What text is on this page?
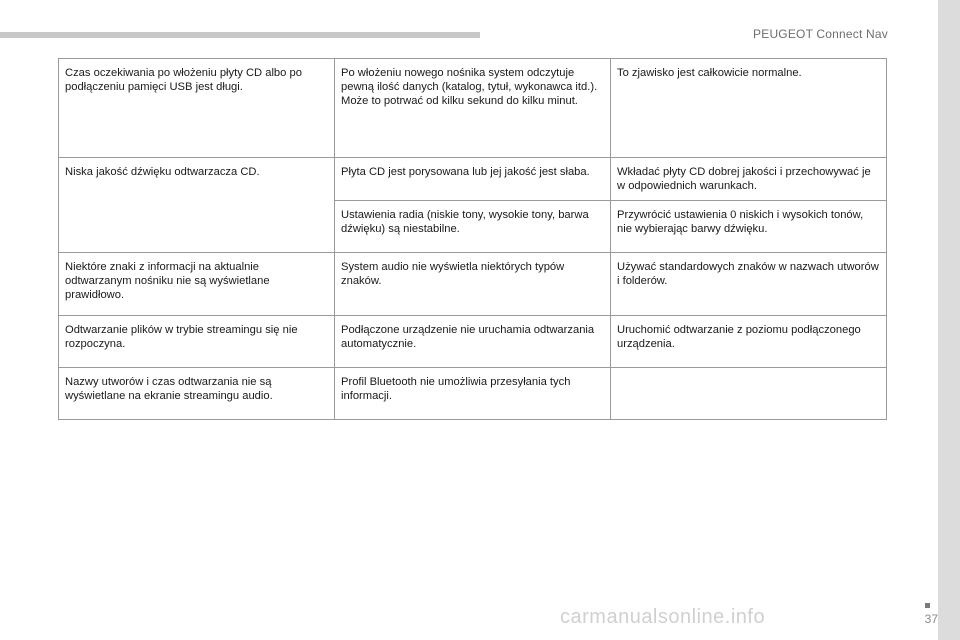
PEUGEOT Connect Nav
Czas oczekiwania po włożeniu płyty CD albo po podłączeniu pamięci USB jest długi.	Po włożeniu nowego nośnika system odczytuje pewną ilość danych (katalog, tytuł, wykonawca itd.). Może to potrwać od kilku sekund do kilku minut.	To zjawisko jest całkowicie normalne.
Niska jakość dźwięku odtwarzacza CD.	Płyta CD jest porysowana lub jej jakość jest słaba.	Wkładać płyty CD dobrej jakości i przechowywać je w odpowiednich warunkach.
	Ustawienia radia (niskie tony, wysokie tony, barwa dźwięku) są niestabilne.	Przywrócić ustawienia 0 niskich i wysokich tonów, nie wybierając barwy dźwięku.
Niektóre znaki z informacji na aktualnie odtwarzanym nośniku nie są wyświetlane prawidłowo.	System audio nie wyświetla niektórych typów znaków.	Używać standardowych znaków w nazwach utworów i folderów.
Odtwarzanie plików w trybie streamingu się nie rozpoczyna.	Podłączone urządzenie nie uruchamia odtwarzania automatycznie.	Uruchomić odtwarzanie z poziomu podłączonego urządzenia.
Nazwy utworów i czas odtwarzania nie są wyświetlane na ekranie streamingu audio.	Profil Bluetooth nie umożliwia przesyłania tych informacji.	
carmanualsonline.info	37
